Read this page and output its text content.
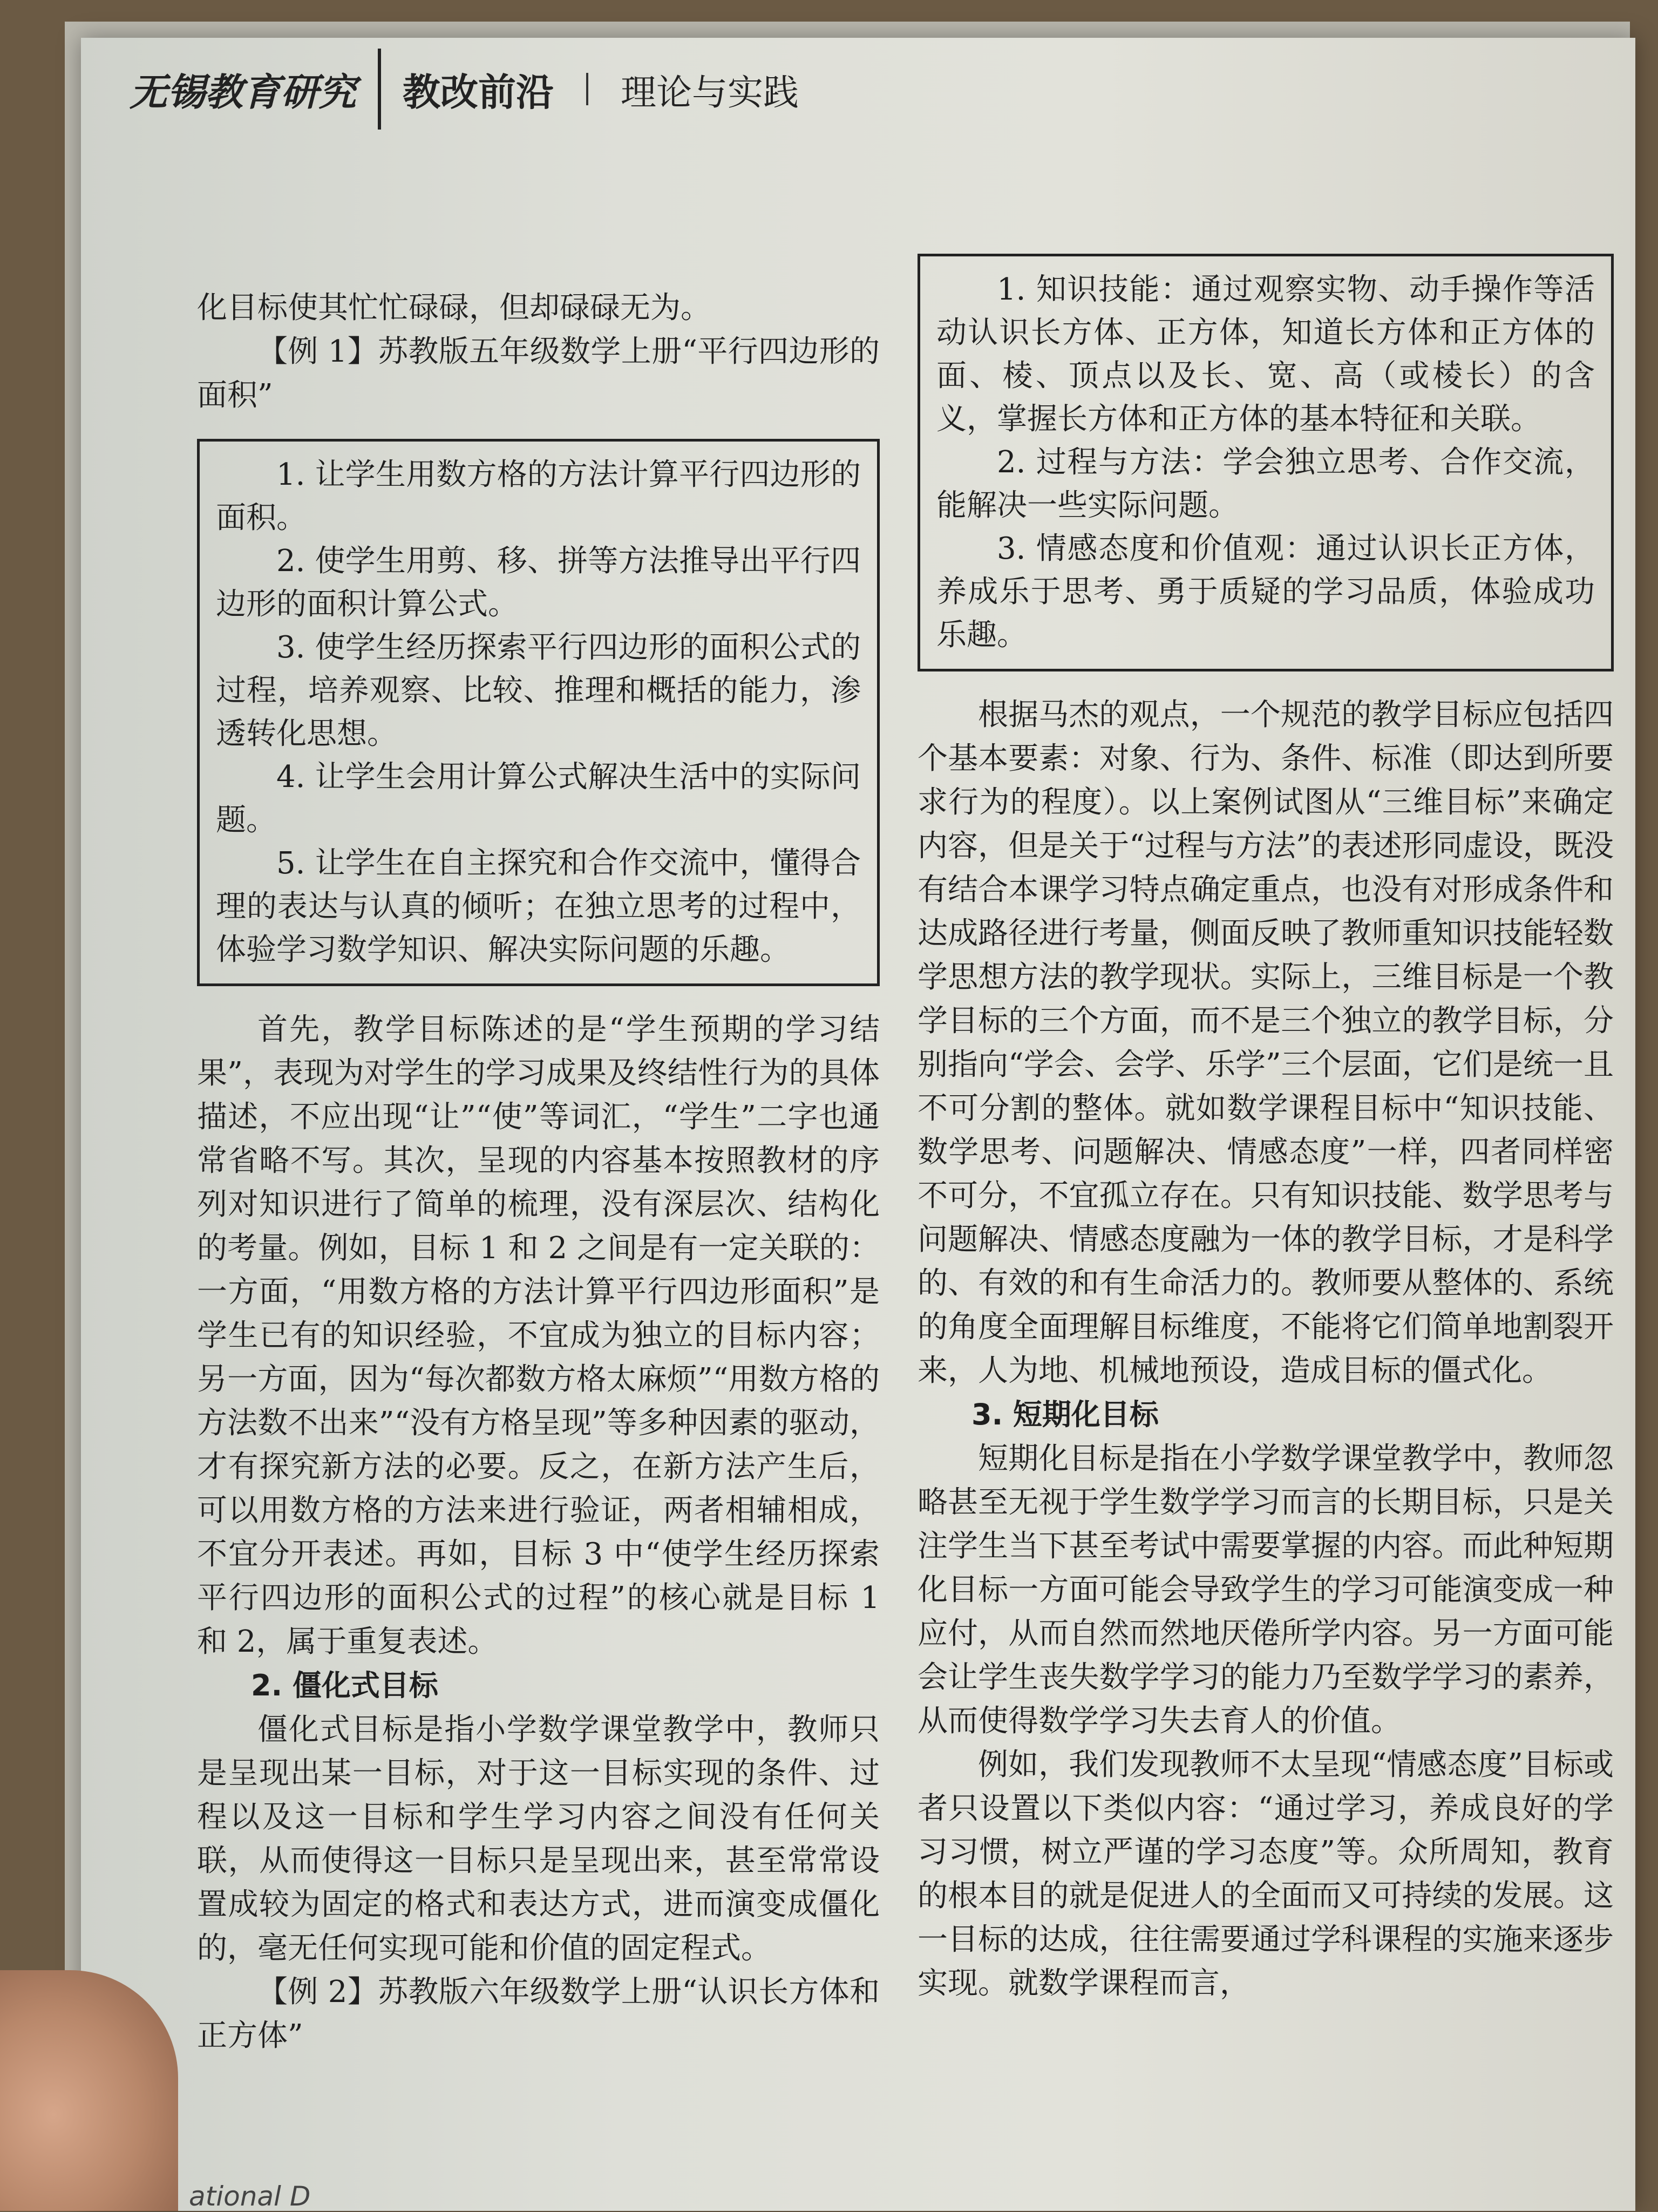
无锡教育研究 教改前沿 理论与实践

化目标使其忙忙碌碌，但却碌碌无为。

【例 1】苏教版五年级数学上册“平行四边形的面积”

1. 让学生用数方格的方法计算平行四边形的面积。

2. 使学生用剪、移、拼等方法推导出平行四边形的面积计算公式。

3. 使学生经历探索平行四边形的面积公式的过程，培养观察、比较、推理和概括的能力，渗透转化思想。

4. 让学生会用计算公式解决生活中的实际问题。

5. 让学生在自主探究和合作交流中，懂得合理的表达与认真的倾听；在独立思考的过程中，体验学习数学知识、解决实际问题的乐趣。

首先，教学目标陈述的是“学生预期的学习结果”，表现为对学生的学习成果及终结性行为的具体描述，不应出现“让”“使”等词汇，“学生”二字也通常省略不写。其次，呈现的内容基本按照教材的序列对知识进行了简单的梳理，没有深层次、结构化的考量。例如，目标 1 和 2 之间是有一定关联的：一方面，“用数方格的方法计算平行四边形面积”是学生已有的知识经验，不宜成为独立的目标内容；另一方面，因为“每次都数方格太麻烦”“用数方格的方法数不出来”“没有方格呈现”等多种因素的驱动，才有探究新方法的必要。反之，在新方法产生后，可以用数方格的方法来进行验证，两者相辅相成，不宜分开表述。再如，目标 3 中“使学生经历探索平行四边形的面积公式的过程”的核心就是目标 1 和 2，属于重复表述。

2. 僵化式目标

僵化式目标是指小学数学课堂教学中，教师只是呈现出某一目标，对于这一目标实现的条件、过程以及这一目标和学生学习内容之间没有任何关联，从而使得这一目标只是呈现出来，甚至常常设置成较为固定的格式和表达方式，进而演变成僵化的，毫无任何实现可能和价值的固定程式。

【例 2】苏教版六年级数学上册“认识长方体和正方体”

1. 知识技能：通过观察实物、动手操作等活动认识长方体、正方体，知道长方体和正方体的面、棱、顶点以及长、宽、高（或棱长）的含义，掌握长方体和正方体的基本特征和关联。

2. 过程与方法：学会独立思考、合作交流，能解决一些实际问题。

3. 情感态度和价值观：通过认识长正方体，养成乐于思考、勇于质疑的学习品质，体验成功乐趣。

根据马杰的观点，一个规范的教学目标应包括四个基本要素：对象、行为、条件、标准（即达到所要求行为的程度）。以上案例试图从“三维目标”来确定内容，但是关于“过程与方法”的表述形同虚设，既没有结合本课学习特点确定重点，也没有对形成条件和达成路径进行考量，侧面反映了教师重知识技能轻数学思想方法的教学现状。实际上，三维目标是一个教学目标的三个方面，而不是三个独立的教学目标，分别指向“学会、会学、乐学”三个层面，它们是统一且不可分割的整体。就如数学课程目标中“知识技能、数学思考、问题解决、情感态度”一样，四者同样密不可分，不宜孤立存在。只有知识技能、数学思考与问题解决、情感态度融为一体的教学目标，才是科学的、有效的和有生命活力的。教师要从整体的、系统的角度全面理解目标维度，不能将它们简单地割裂开来，人为地、机械地预设，造成目标的僵式化。

3. 短期化目标

短期化目标是指在小学数学课堂教学中，教师忽略甚至无视于学生数学学习而言的长期目标，只是关注学生当下甚至考试中需要掌握的内容。而此种短期化目标一方面可能会导致学生的学习可能演变成一种应付，从而自然而然地厌倦所学内容。另一方面可能会让学生丧失数学学习的能力乃至数学学习的素养，从而使得数学学习失去育人的价值。

例如，我们发现教师不太呈现“情感态度”目标或者只设置以下类似内容：“通过学习，养成良好的学习习惯，树立严谨的学习态度”等。众所周知，教育的根本目的就是促进人的全面而又可持续的发展。这一目标的达成，往往需要通过学科课程的实施来逐步实现。就数学课程而言，

ational D
